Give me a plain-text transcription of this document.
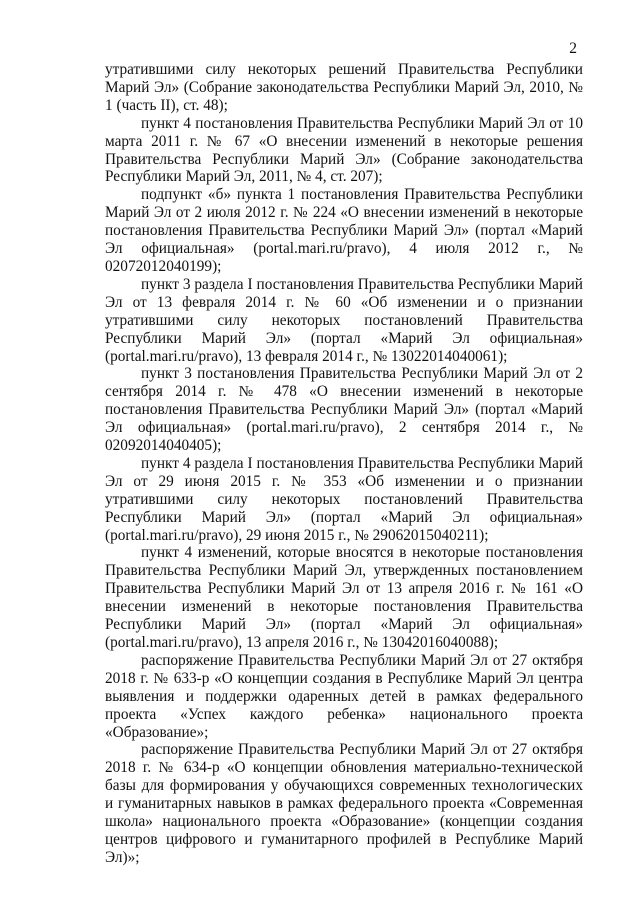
2

утратившими силу некоторых решений Правительства Республики Марий Эл» (Собрание законодательства Республики Марий Эл, 2010, № 1 (часть II), ст. 48);

пункт 4 постановления Правительства Республики Марий Эл от 10 марта 2011 г. № 67 «О внесении изменений в некоторые решения Правительства Республики Марий Эл» (Собрание законодательства Республики Марий Эл, 2011, № 4, ст. 207);

подпункт «б» пункта 1 постановления Правительства Республики Марий Эл от 2 июля 2012 г. № 224 «О внесении изменений в некоторые постановления Правительства Республики Марий Эл» (портал «Марий Эл официальная» (portal.mari.ru/pravo), 4 июля 2012 г., № 02072012040199);

пункт 3 раздела I постановления Правительства Республики Марий Эл от 13 февраля 2014 г. № 60 «Об изменении и о признании утратившими силу некоторых постановлений Правительства Республики Марий Эл» (портал «Марий Эл официальная» (portal.mari.ru/pravo), 13 февраля 2014 г., № 13022014040061);

пункт 3 постановления Правительства Республики Марий Эл от 2 сентября 2014 г. № 478 «О внесении изменений в некоторые постановления Правительства Республики Марий Эл» (портал «Марий Эл официальная» (portal.mari.ru/pravo), 2 сентября 2014 г., № 02092014040405);

пункт 4 раздела I постановления Правительства Республики Марий Эл от 29 июня 2015 г. № 353 «Об изменении и о признании утратившими силу некоторых постановлений Правительства Республики Марий Эл» (портал «Марий Эл официальная» (portal.mari.ru/pravo), 29 июня 2015 г., № 29062015040211);

пункт 4 изменений, которые вносятся в некоторые постановления Правительства Республики Марий Эл, утвержденных постановлением Правительства Республики Марий Эл от 13 апреля 2016 г. № 161 «О внесении изменений в некоторые постановления Правительства Республики Марий Эл» (портал «Марий Эл официальная» (portal.mari.ru/pravo), 13 апреля 2016 г., № 13042016040088);

распоряжение Правительства Республики Марий Эл от 27 октября 2018 г. № 633-р «О концепции создания в Республике Марий Эл центра выявления и поддержки одаренных детей в рамках федерального проекта «Успех каждого ребенка» национального проекта «Образование»;

распоряжение Правительства Республики Марий Эл от 27 октября 2018 г. № 634-р «О концепции обновления материально-технической базы для формирования у обучающихся современных технологических и гуманитарных навыков в рамках федерального проекта «Современная школа» национального проекта «Образование» (концепции создания центров цифрового и гуманитарного профилей в Республике Марий Эл)»;
